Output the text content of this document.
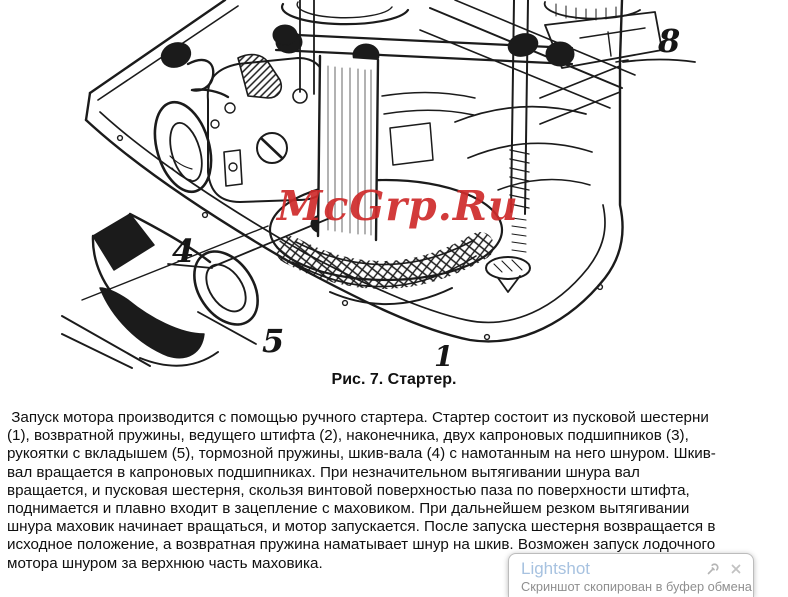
8
4
5	1
McGrp.Ru
Рис. 7. Стартер.
Запуск мотора производится с помощью ручного стартера. Стартер состоит из пусковой шестерни
(1), возвратной пружины, ведущего штифта (2), наконечника, двух капроновых подшипников (3),
рукоятки с вкладышем (5), тормозной пружины, шкив-вала (4) с намотанным на него шнуром. Шкив-
вал вращается в капроновых подшипниках. При незначительном вытягивании шнура вал
вращается, и пусковая шестерня, скользя винтовой поверхностью паза по поверхности штифта,
поднимается и плавно входит в зацепление с маховиком. При дальнейшем резком вытягивании
шнура маховик начинает вращаться, и мотор запускается. После запуска шестерня возвращается в
исходное положение, а возвратная пружина наматывает шнур на шкив. Возможен запуск лодочного
мотора шнуром за верхнюю часть маховика.	Lightshot
Скриншот скопирован в буфер обмена
